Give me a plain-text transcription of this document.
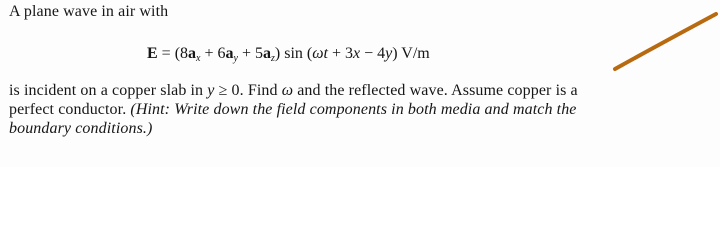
A plane wave in air with
$E = (8a_x + 6a_y + 5a_z)$ sin (ωt + 3x − 4y) V/m
is incident on a copper slab in y ≥ 0. Find ω and the reflected wave. Assume copper is a
perfect conductor. (Hint: Write down the field components in both media and match the
boundary conditions.)
